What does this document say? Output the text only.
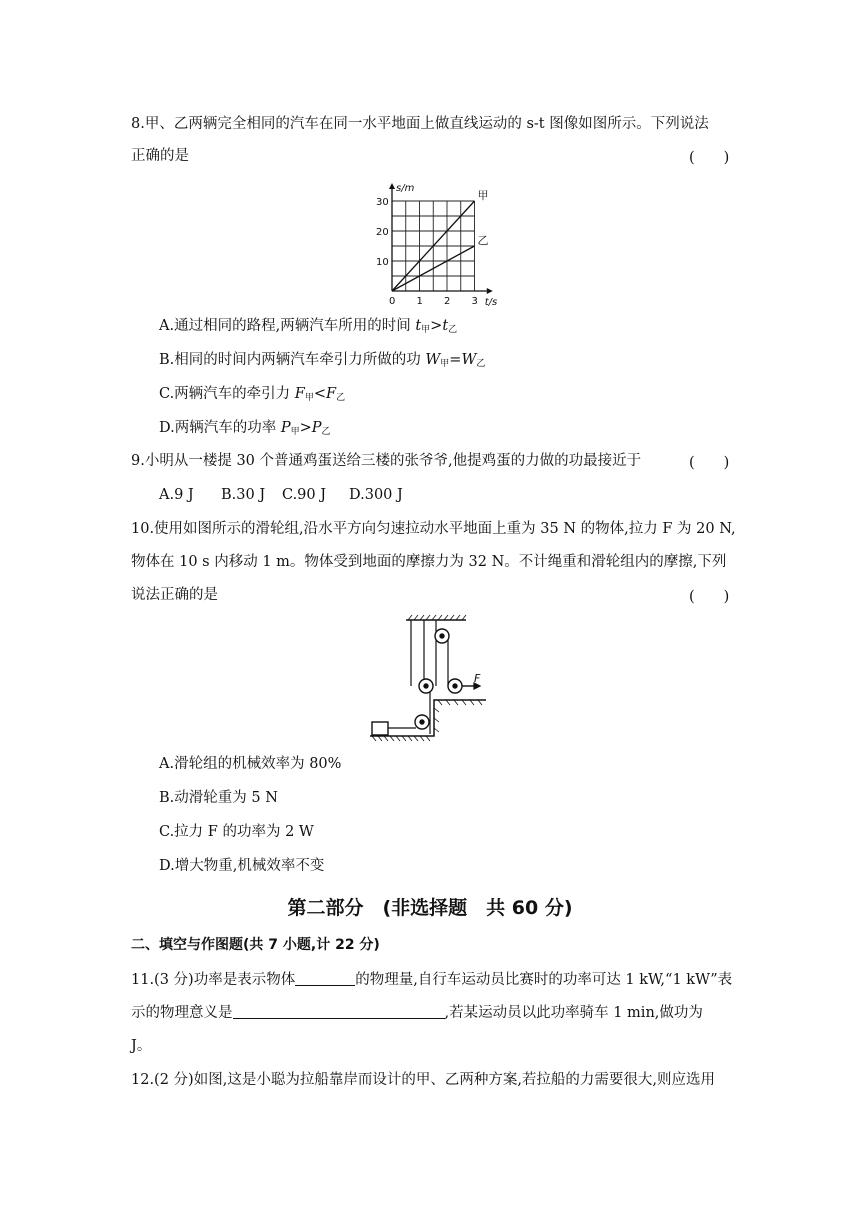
8.甲、乙两辆完全相同的汽车在同一水平地面上做直线运动的 s-t 图像如图所示。下列说法
正确的是	(　　)
甲
乙
0 1 2 3
10
20
30
t/s
s/m
A.通过相同的路程,两辆汽车所用的时间 $t_甲>t_乙$
B.相同的时间内两辆汽车牵引力所做的功 $W_甲=W_乙$
C.两辆汽车的牵引力 $F_甲<F_乙$
D.两辆汽车的功率 $P_甲>P_乙$
9.小明从一楼提 30 个普通鸡蛋送给三楼的张爷爷,他提鸡蛋的力做的功最接近于	(　　)
A.9 J B.30 J C.90 J D.300 J
10.使用如图所示的滑轮组,沿水平方向匀速拉动水平地面上重为 35 N 的物体,拉力 F 为 20 N,
物体在 10 s 内移动 1 m。物体受到地面的摩擦力为 32 N。不计绳重和滑轮组内的摩擦,下列
说法正确的是	(　　)
F
A.滑轮组的机械效率为 80%
B.动滑轮重为 5 N
C.拉力 F 的功率为 2 W
D.增大物重,机械效率不变
第二部分　(非选择题　共 60 分)
二、填空与作图题(共 7 小题,计 22 分)
11.(3 分)功率是表示物体	的物理量,自行车运动员比赛时的功率可达 1 kW,“1 kW”表
示的物理意义是	,若某运动员以此功率骑车 1 min,做功为
J。
12.(2 分)如图,这是小聪为拉船靠岸而设计的甲、乙两种方案,若拉船的力需要很大,则应选用
